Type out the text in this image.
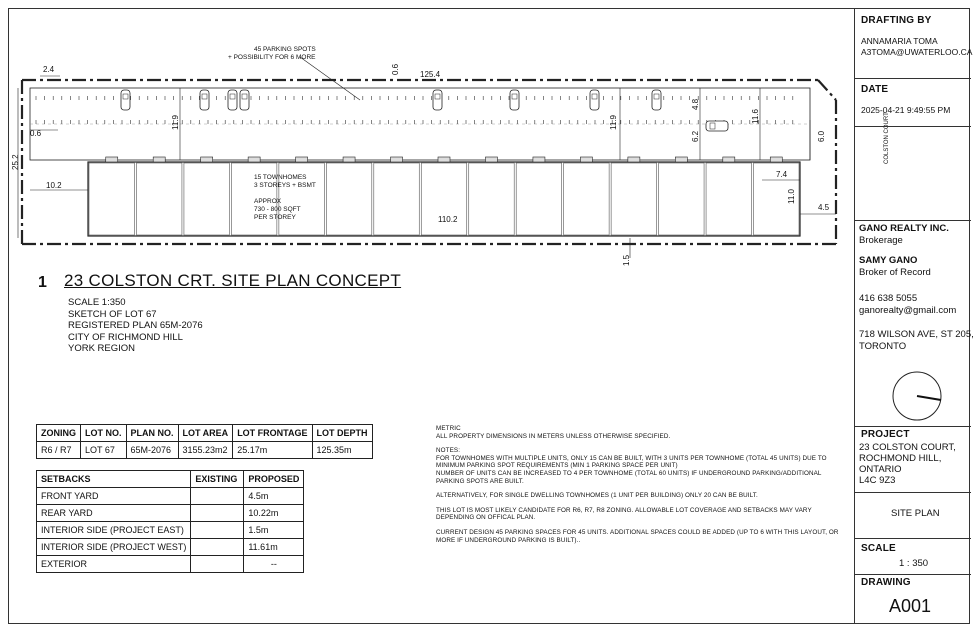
2.4	0.6	125.4
0.6
11.9	11.9
4.8
6.2
11.6
6.0
25.2
10.2
7.4
11.0
4.5
110.2
1.5
45 PARKING SPOTS
+ POSSIBILITY FOR 6 MORE
COLSTON COURT
15 TOWNHOMES
3 STOREYS + BSMT
APPROX
730 - 800 SQFT
PER STOREY
1 23 COLSTON CRT. SITE PLAN CONCEPT
SCALE 1:350
SKETCH OF LOT 67
REGISTERED PLAN 65M-2076
CITY OF RICHMOND HILL
YORK REGION
ZONING	LOT NO.	PLAN NO.	LOT AREA	LOT FRONTAGE	LOT DEPTH
R6 / R7	LOT 67	65M-2076	3155.23m2	25.17m	125.35m
SETBACKS	EXISTING	PROPOSED
FRONT YARD		4.5m
REAR YARD		10.22m
INTERIOR SIDE (PROJECT EAST)		1.5m
INTERIOR SIDE (PROJECT WEST)		11.61m
EXTERIOR		--

METRIC
ALL PROPERTY DIMENSIONS IN METERS UNLESS OTHERWISE SPECIFIED.

NOTES:
FOR TOWNHOMES WITH MULTIPLE UNITS, ONLY 15 CAN BE BUILT, WITH 3 UNITS PER TOWNHOME (TOTAL 45 UNITS) DUE TO MINIMUM PARKING SPOT REQUIREMENTS (MIN 1 PARKING SPACE PER UNIT)
NUMBER OF UNITS CAN BE INCREASED TO 4 PER TOWNHOME (TOTAL 60 UNITS) IF UNDERGROUND PARKING/ADDITIONAL PARKING SPOTS ARE BUILT.

ALTERNATIVELY, FOR SINGLE DWELLING TOWNHOMES (1 UNIT PER BUILDING) ONLY 20 CAN BE BUILT.

THIS LOT IS MOST LIKELY CANDIDATE FOR R6, R7, R8 ZONING. ALLOWABLE LOT COVERAGE AND SETBACKS MAY VARY DEPENDING ON OFFICAL PLAN.

CURRENT DESIGN 45 PARKING SPACES FOR 45 UNITS. ADDITIONAL SPACES COULD BE ADDED (UP TO 6 WITH THIS LAYOUT, OR MORE IF UNDERGROUND PARKING IS BUILT)..

DRAFTING BY
ANNAMARIA TOMA
A3TOMA@UWATERLOO.CA
DATE
2025-04-21 9:49:55 PM
GANO REALTY INC.
Brokerage
SAMY GANO
Broker of Record
416 638 5055
ganorealty@gmail.com
718 WILSON AVE, ST 205,
TORONTO
PROJECT
23 COLSTON COURT,
ROCHMOND HILL,
ONTARIO
L4C 9Z3
SITE PLAN
SCALE
1 : 350
DRAWING
A001
